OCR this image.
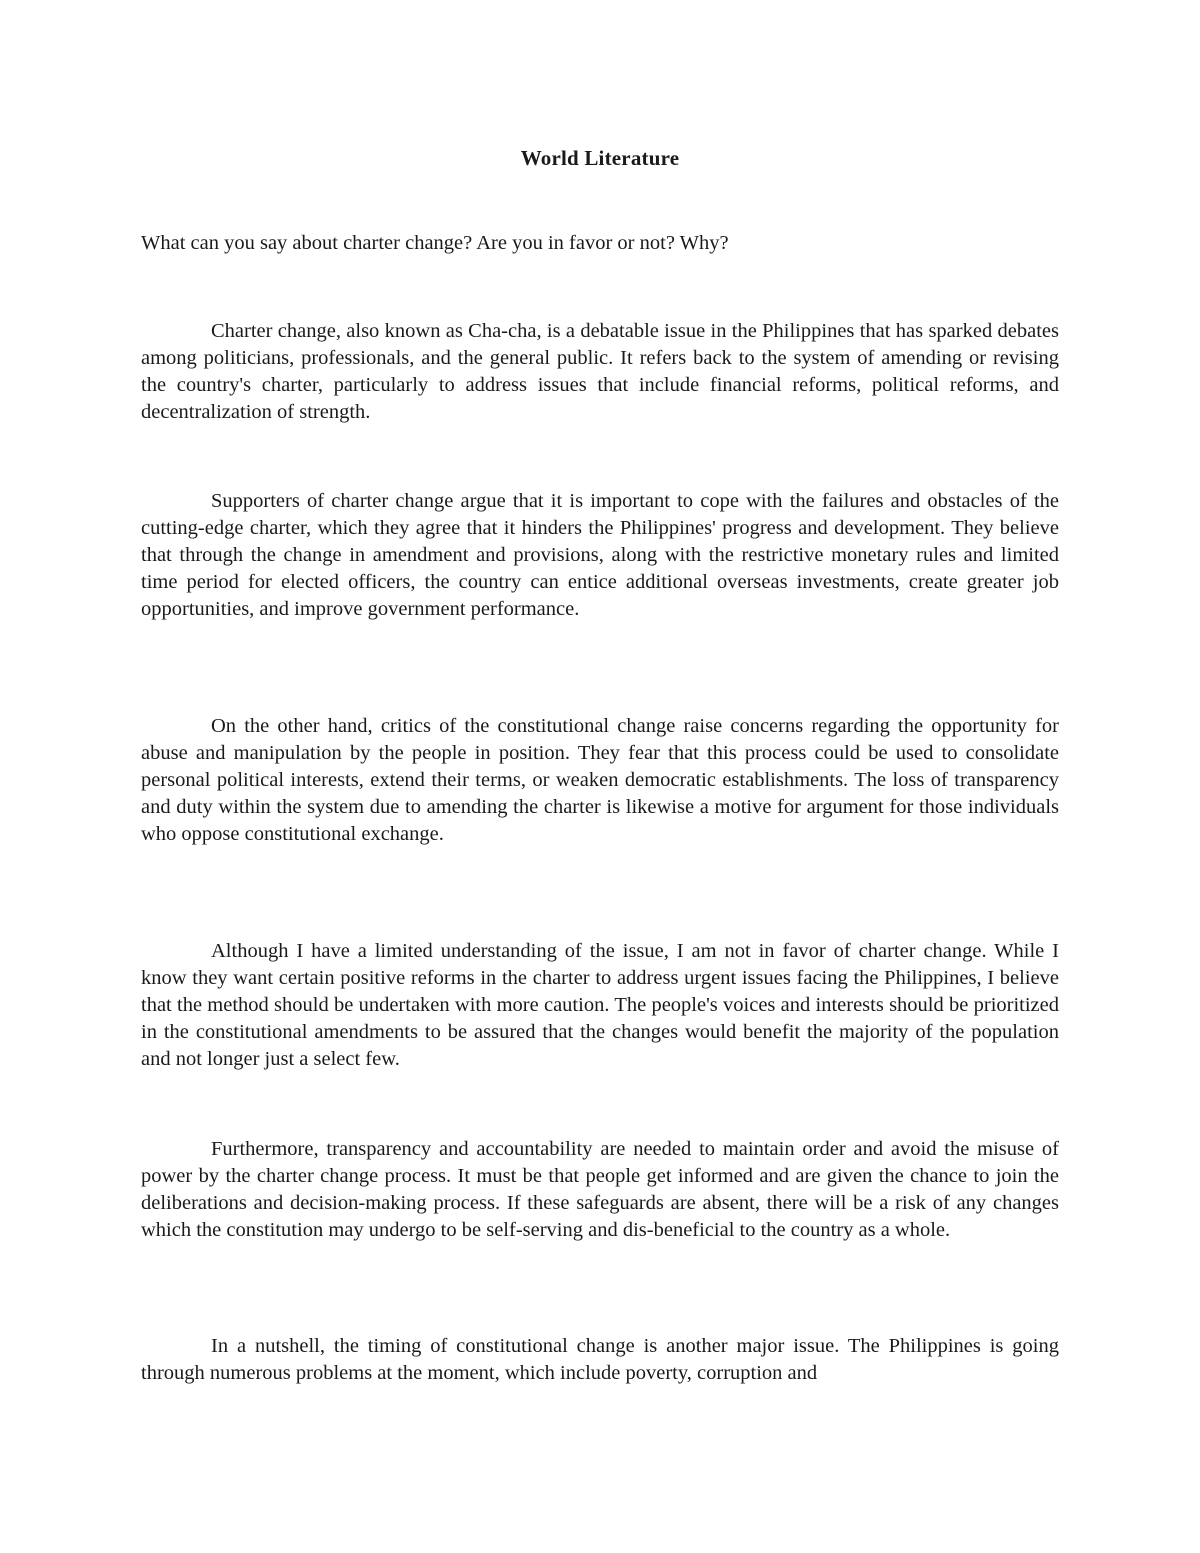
World Literature
What can you say about charter change? Are you in favor or not? Why?

Charter change, also known as Cha-cha, is a debatable issue in the Philippines that has sparked debates among politicians, professionals, and the general public. It refers back to the system of amending or revising the country's charter, particularly to address issues that include financial reforms, political reforms, and decentralization of strength.

Supporters of charter change argue that it is important to cope with the failures and obstacles of the cutting-edge charter, which they agree that it hinders the Philippines' progress and development. They believe that through the change in amendment and provisions, along with the restrictive monetary rules and limited time period for elected officers, the country can entice additional overseas investments, create greater job opportunities, and improve government performance.

On the other hand, critics of the constitutional change raise concerns regarding the opportunity for abuse and manipulation by the people in position. They fear that this process could be used to consolidate personal political interests, extend their terms, or weaken democratic establishments. The loss of transparency and duty within the system due to amending the charter is likewise a motive for argument for those individuals who oppose constitutional exchange.

Although I have a limited understanding of the issue, I am not in favor of charter change. While I know they want certain positive reforms in the charter to address urgent issues facing the Philippines, I believe that the method should be undertaken with more caution. The people's voices and interests should be prioritized in the constitutional amendments to be assured that the changes would benefit the majority of the population and not longer just a select few.

Furthermore, transparency and accountability are needed to maintain order and avoid the misuse of power by the charter change process. It must be that people get informed and are given the chance to join the deliberations and decision-making process. If these safeguards are absent, there will be a risk of any changes which the constitution may undergo to be self-serving and dis-beneficial to the country as a whole.

In a nutshell, the timing of constitutional change is another major issue. The Philippines is going through numerous problems at the moment, which include poverty, corruption and
